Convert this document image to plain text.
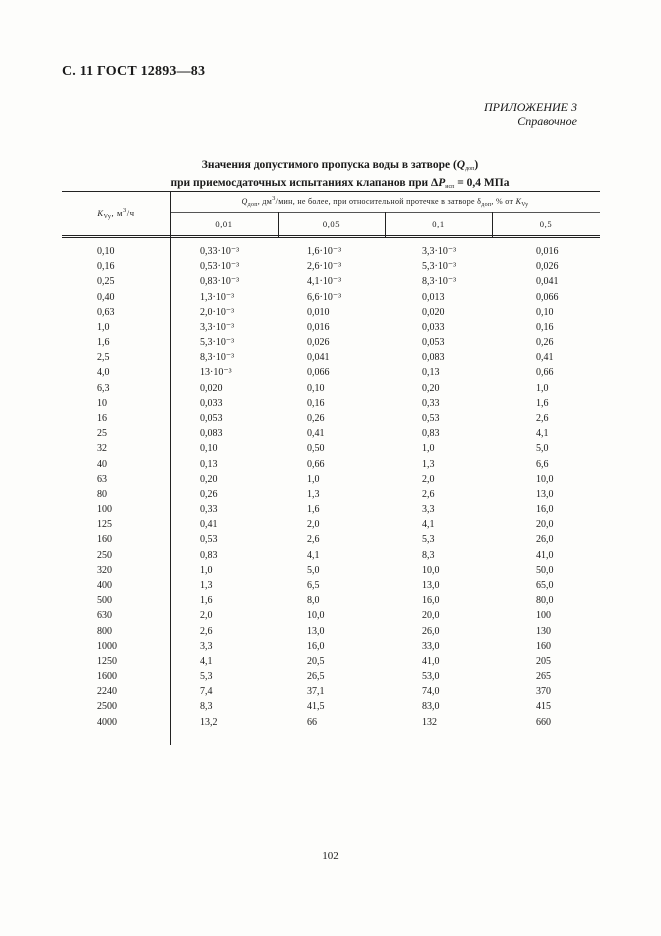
С. 11 ГОСТ 12893—83
ПРИЛОЖЕНИЕ 3
Справочное
Значения допустимого пропуска воды в затворе $(Q_{доп})$
при приемосдаточных испытаниях клапанов при $\Delta P_{исп} = 0,4$ МПа
$K_{Vy}$, $м^3/ч$
$Q_{доп}$, $дм^3$/мин, не более, при относительной протечке в затворе $\delta_{доп}$, % от $K_{Vy}$
0,01	0,05	0,1	0,5
0,10	0,33·10⁻³	1,6·10⁻³	3,3·10⁻³	0,016
0,16	0,53·10⁻³	2,6·10⁻³	5,3·10⁻³	0,026
0,25	0,83·10⁻³	4,1·10⁻³	8,3·10⁻³	0,041
0,40	1,3·10⁻³	6,6·10⁻³	0,013	0,066
0,63	2,0·10⁻³	0,010	0,020	0,10
1,0	3,3·10⁻³	0,016	0,033	0,16
1,6	5,3·10⁻³	0,026	0,053	0,26
2,5	8,3·10⁻³	0,041	0,083	0,41
4,0	13·10⁻³	0,066	0,13	0,66
6,3	0,020	0,10	0,20	1,0
10	0,033	0,16	0,33	1,6
16	0,053	0,26	0,53	2,6
25	0,083	0,41	0,83	4,1
32	0,10	0,50	1,0	5,0
40	0,13	0,66	1,3	6,6
63	0,20	1,0	2,0	10,0
80	0,26	1,3	2,6	13,0
100	0,33	1,6	3,3	16,0
125	0,41	2,0	4,1	20,0
160	0,53	2,6	5,3	26,0
250	0,83	4,1	8,3	41,0
320	1,0	5,0	10,0	50,0
400	1,3	6,5	13,0	65,0
500	1,6	8,0	16,0	80,0
630	2,0	10,0	20,0	100
800	2,6	13,0	26,0	130
1000	3,3	16,0	33,0	160
1250	4,1	20,5	41,0	205
1600	5,3	26,5	53,0	265
2240	7,4	37,1	74,0	370
2500	8,3	41,5	83,0	415
4000	13,2	66	132	660
102
